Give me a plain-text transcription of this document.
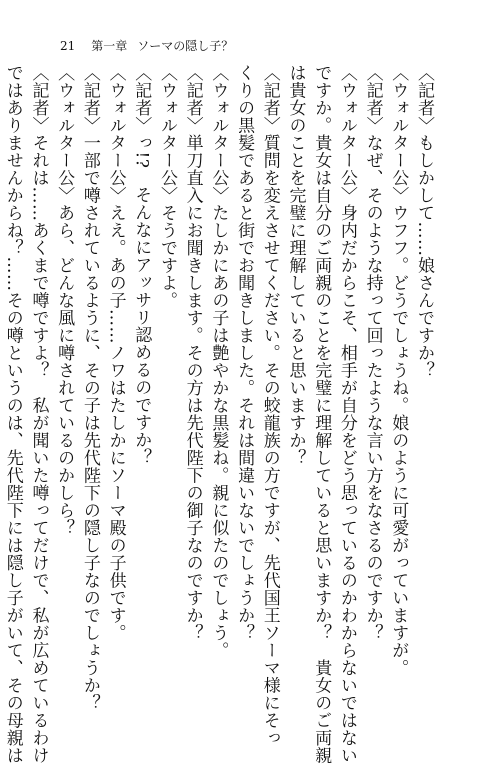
21 第一章 ソーマの隠し子？
〈記者〉もしかして……娘さんですか？
〈ウォルター公〉ウフフ。どうでしょうね。娘のように可愛がっていますが。
〈記者〉なぜ、そのような持って回ったような言い方をなさるのですか？
〈ウォルター公〉身内だからこそ、相手が自分をどう思っているのかわからないではない
ですか。貴女は自分のご両親のことを完璧に理解していると思いますか？　貴女のご両親
は貴女のことを完璧に理解していると思いますか？
〈記者〉質問を変えさせてください。その蛟龍族の方ですが、先代国王ソーマ様にそっ
くりの黒髪であると街でお聞きしました。それは間違いないでしょうか？
〈ウォルター公〉たしかにあの子は艶やかな黒髪ね。親に似たのでしょう。
〈記者〉単刀直入にお聞きします。その方は先代陛下の御子なのですか？
〈ウォルター公〉そうですよ。
〈記者〉っ!?　そんなにアッサリ認めるのですか？
〈ウォルター公〉ええ。あの子……ノワはたしかにソーマ殿の子供です。
〈記者〉一部で噂されているように、その子は先代陛下の隠し子なのでしょうか？
〈ウォルター公〉あら、どんな風に噂されているのかしら？
〈記者〉それは……あくまで噂ですよ？　私が聞いた噂ってだけで、私が広めているわけ
ではありませんからね？……その噂というのは、先代陛下には隠し子がいて、その母親は
